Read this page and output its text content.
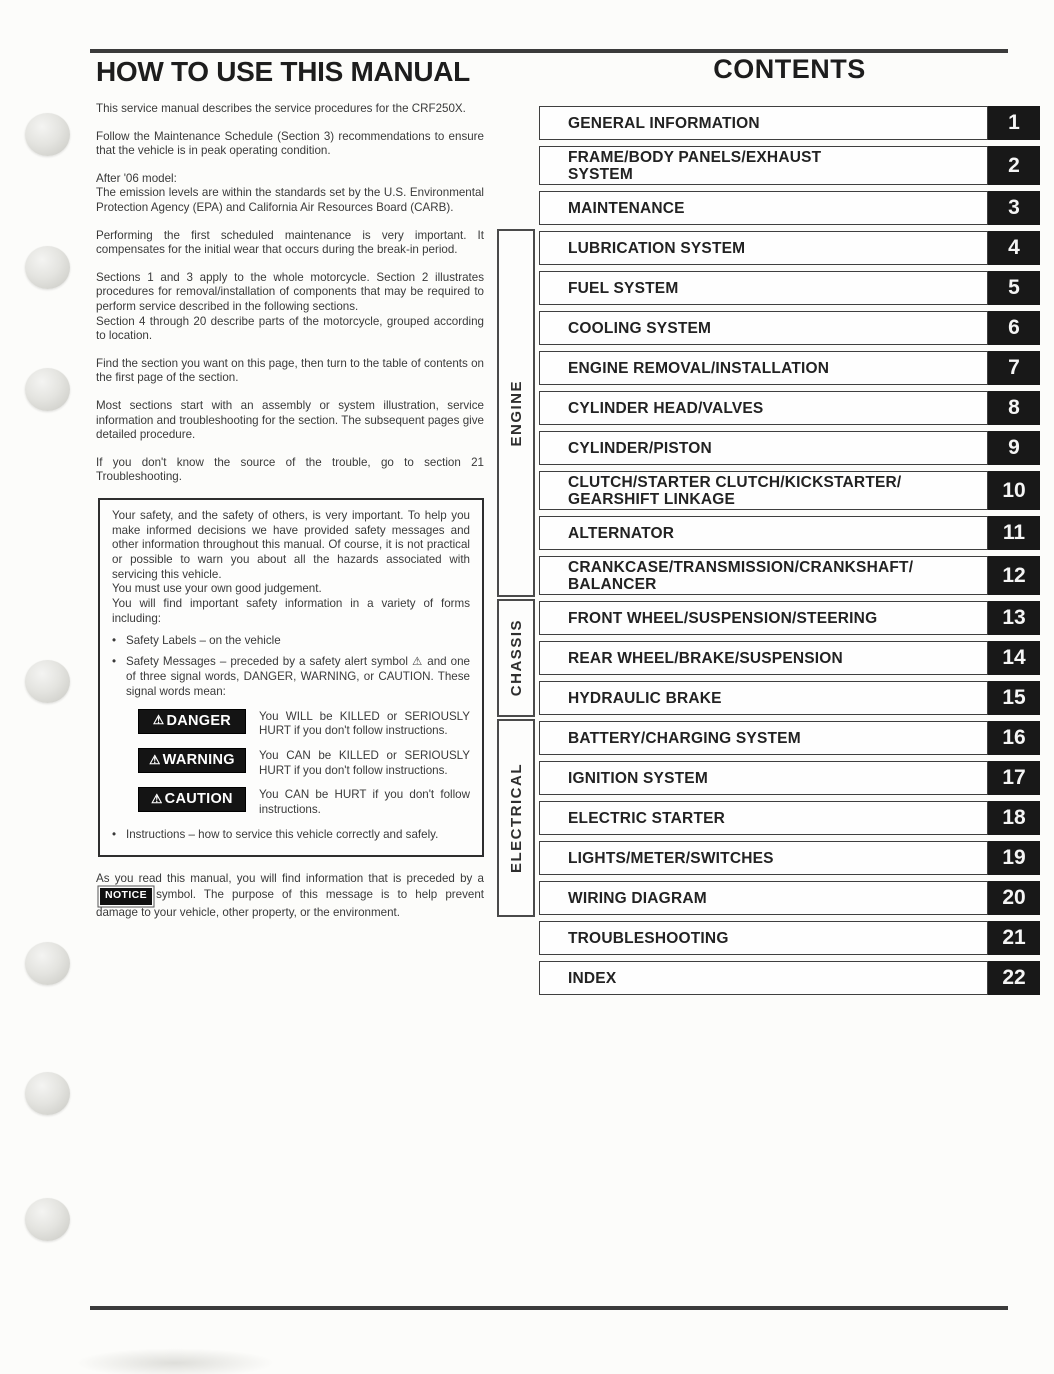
HOW TO USE THIS MANUAL

This service manual describes the service procedures for the CRF250X.

Follow the Maintenance Schedule (Section 3) recommendations to ensure that the vehicle is in peak operating condition.

After '06 model:
The emission levels are within the standards set by the U.S. Environmental Protection Agency (EPA) and California Air Resources Board (CARB).

Performing the first scheduled maintenance is very important. It compensates for the initial wear that occurs during the break-in period.

Sections 1 and 3 apply to the whole motorcycle. Section 2 illustrates procedures for removal/installation of components that may be required to perform service described in the following sections.
Section 4 through 20 describe parts of the motorcycle, grouped according to location.

Find the section you want on this page, then turn to the table of contents on the first page of the section.

Most sections start with an assembly or system illustration, service information and troubleshooting for the section. The subsequent pages give detailed procedure.

If you don't know the source of the trouble, go to section 21 Troubleshooting.

Your safety, and the safety of others, is very important. To help you make informed decisions we have provided safety messages and other information throughout this manual. Of course, it is not practical or possible to warn you about all the hazards associated with servicing this vehicle.
You must use your own good judgement.
You will find important safety information in a variety of forms including:
• Safety Labels – on the vehicle
• Safety Messages – preceded by a safety alert symbol ⚠ and one of three signal words, DANGER, WARNING, or CAUTION. These signal words mean:
⚠ DANGER You WILL be KILLED or SERIOUSLY HURT if you don't follow instructions.
⚠ WARNING You CAN be KILLED or SERIOUSLY HURT if you don't follow instructions.
⚠ CAUTION You CAN be HURT if you don't follow instructions.
• Instructions – how to service this vehicle correctly and safely.

As you read this manual, you will find information that is preceded by aNOTICE symbol. The purpose of this message is to help prevent damage to your vehicle, other property, or the environment.

CONTENTS
GENERAL INFORMATION	1
FRAME/BODY PANELS/EXHAUST
SYSTEM	2
MAINTENANCE	3
LUBRICATION SYSTEM	4
FUEL SYSTEM	5
COOLING SYSTEM	6
ENGINE REMOVAL/INSTALLATION	7
CYLINDER HEAD/VALVES	8
CYLINDER/PISTON	9
CLUTCH/STARTER CLUTCH/KICKSTARTER/
GEARSHIFT LINKAGE	10
ALTERNATOR	11
CRANKCASE/TRANSMISSION/CRANKSHAFT/
BALANCER	12
FRONT WHEEL/SUSPENSION/STEERING	13
REAR WHEEL/BRAKE/SUSPENSION	14
HYDRAULIC BRAKE	15
BATTERY/CHARGING SYSTEM	16
IGNITION SYSTEM	17
ELECTRIC STARTER	18
LIGHTS/METER/SWITCHES	19
WIRING DIAGRAM	20
TROUBLESHOOTING	21
INDEX	22
ENGINE
CHASSIS
ELECTRICAL
